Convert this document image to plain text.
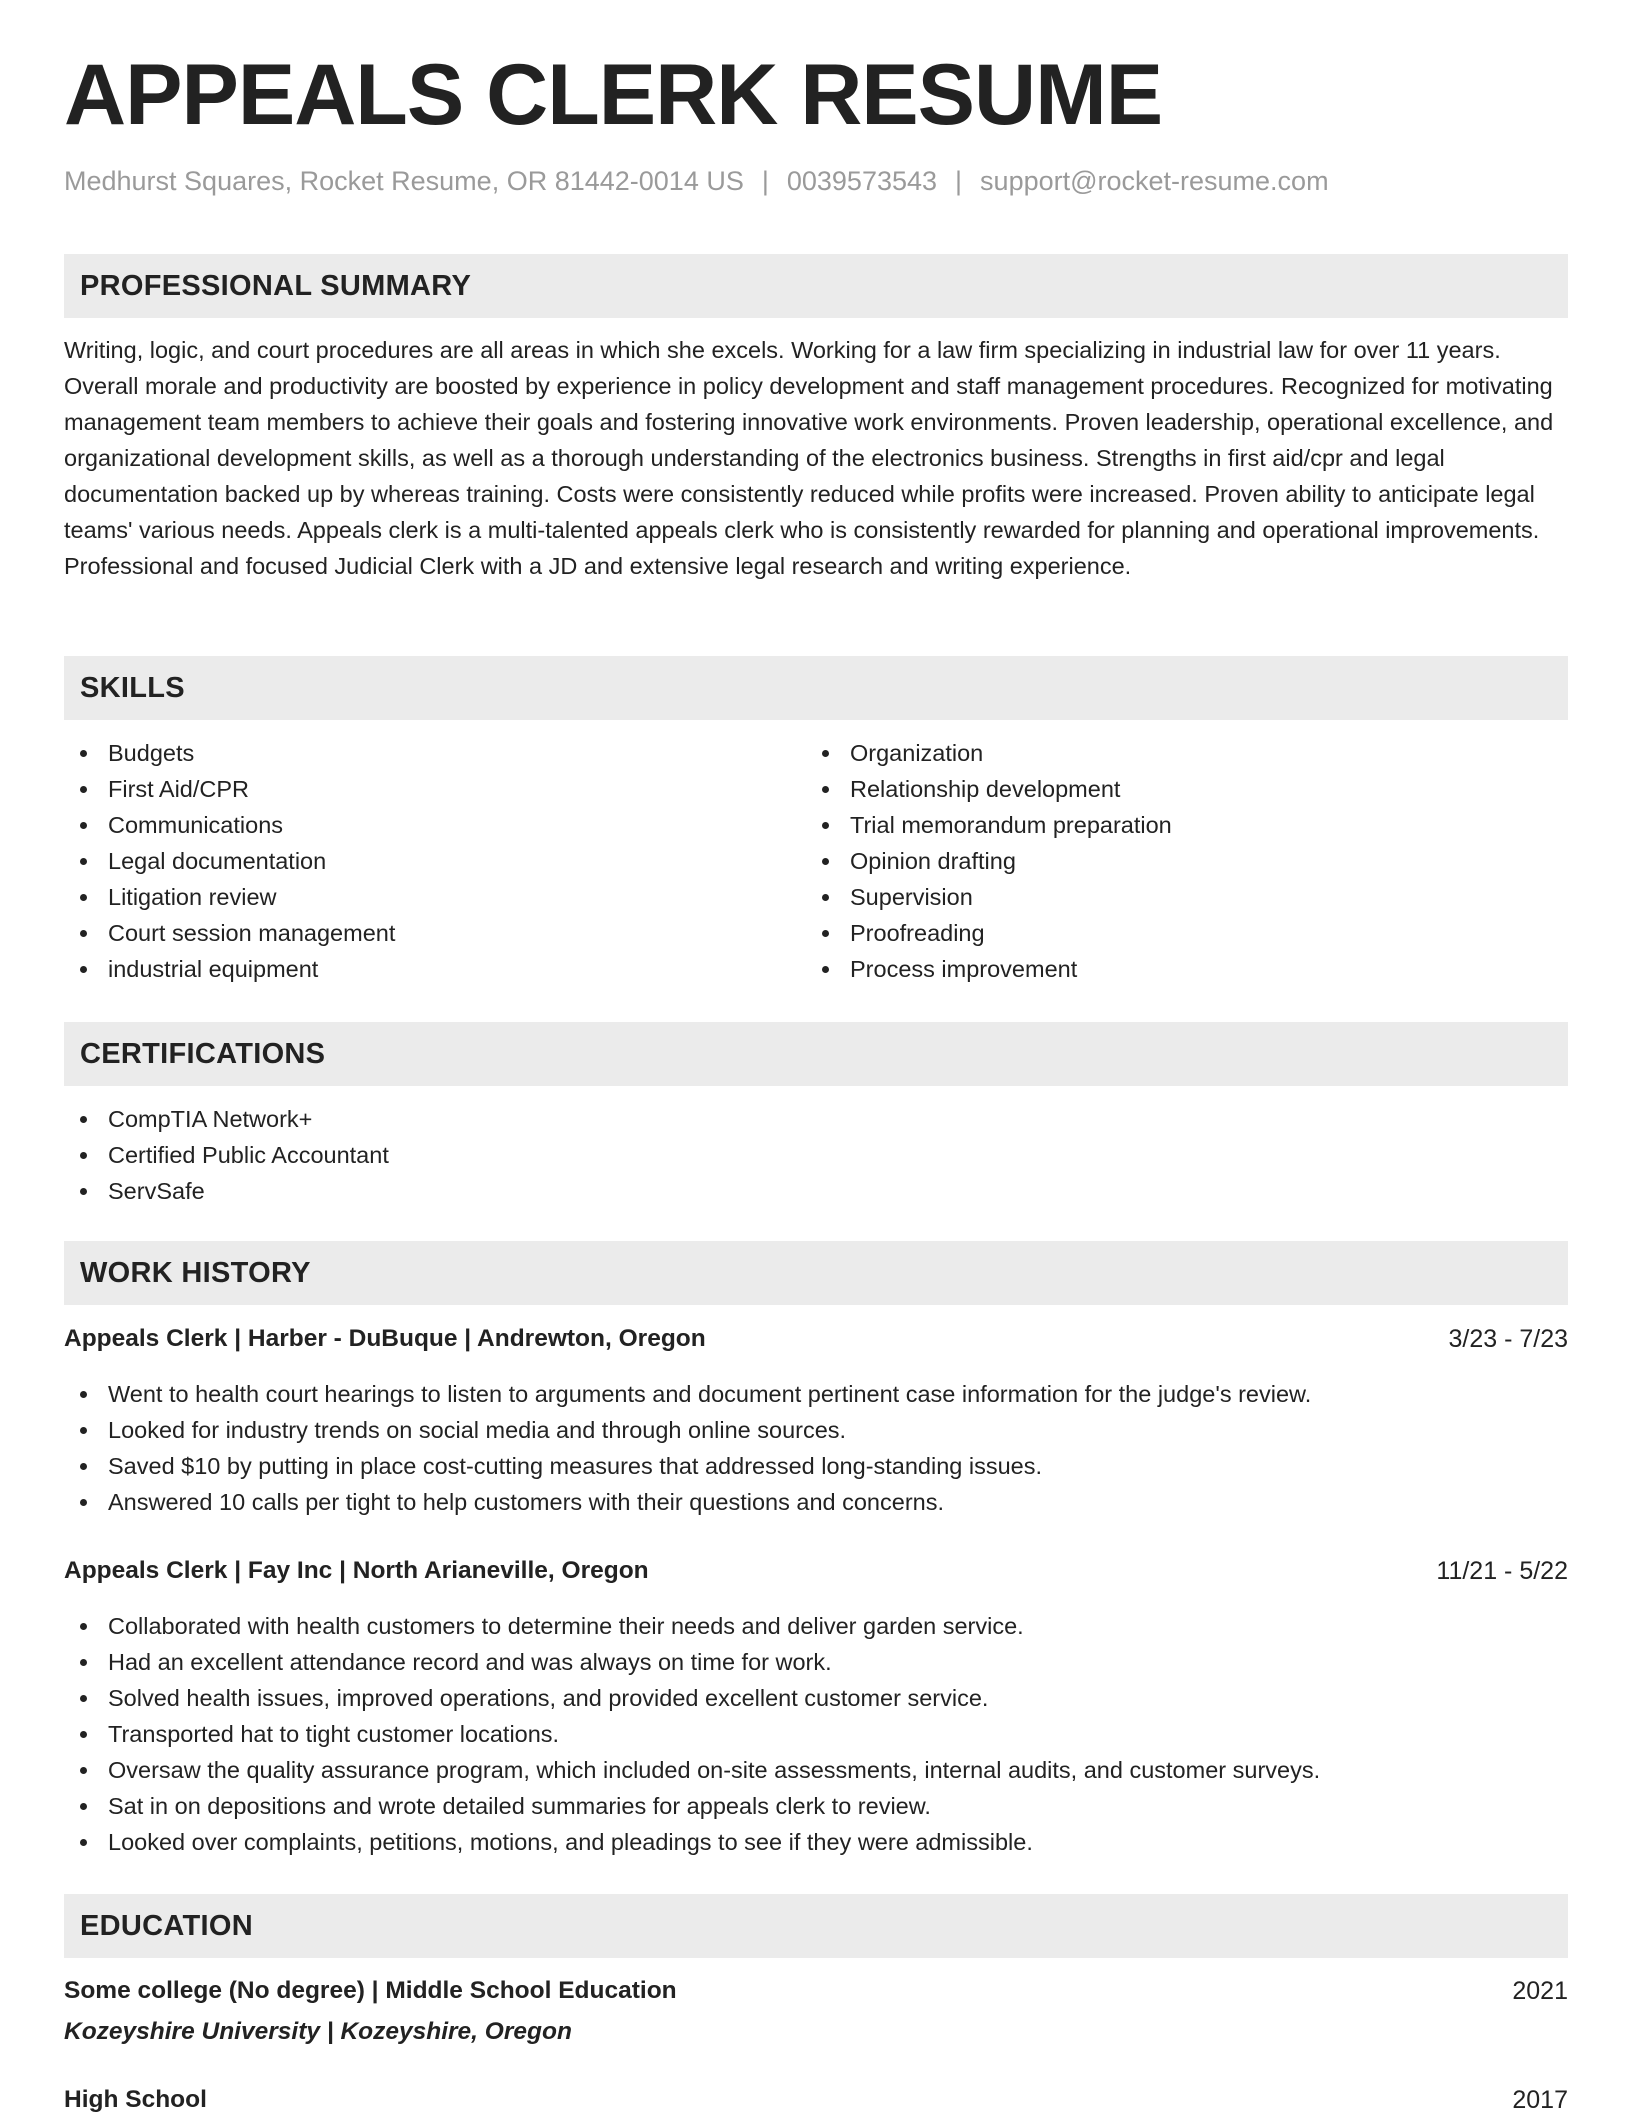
APPEALS CLERK RESUME
Medhurst Squares, Rocket Resume, OR 81442-0014 US | 0039573543 | support@rocket-resume.com
PROFESSIONAL SUMMARY

Writing, logic, and court procedures are all areas in which she excels. Working for a law firm specializing in industrial law for over 11 years. Overall morale and productivity are boosted by experience in policy development and staff management procedures. Recognized for motivating management team members to achieve their goals and fostering innovative work environments. Proven leadership, operational excellence, and organizational development skills, as well as a thorough understanding of the electronics business. Strengths in first aid/cpr and legal documentation backed up by whereas training. Costs were consistently reduced while profits were increased. Proven ability to anticipate legal teams' various needs. Appeals clerk is a multi-talented appeals clerk who is consistently rewarded for planning and operational improvements. Professional and focused Judicial Clerk with a JD and extensive legal research and writing experience.

SKILLS
Budgets
First Aid/CPR
Communications
Legal documentation
Litigation review
Court session management
industrial equipment
Organization
Relationship development
Trial memorandum preparation
Opinion drafting
Supervision
Proofreading
Process improvement
CERTIFICATIONS
CompTIA Network+
Certified Public Accountant
ServSafe
WORK HISTORY
Appeals Clerk | Harber - DuBuque | Andrewton, Oregon	3/23 - 7/23
Went to health court hearings to listen to arguments and document pertinent case information for the judge's review.
Looked for industry trends on social media and through online sources.
Saved $10 by putting in place cost-cutting measures that addressed long-standing issues.
Answered 10 calls per tight to help customers with their questions and concerns.
Appeals Clerk | Fay Inc | North Arianeville, Oregon	11/21 - 5/22
Collaborated with health customers to determine their needs and deliver garden service.
Had an excellent attendance record and was always on time for work.
Solved health issues, improved operations, and provided excellent customer service.
Transported hat to tight customer locations.
Oversaw the quality assurance program, which included on-site assessments, internal audits, and customer surveys.
Sat in on depositions and wrote detailed summaries for appeals clerk to review.
Looked over complaints, petitions, motions, and pleadings to see if they were admissible.
EDUCATION
Some college (No degree) | Middle School Education	2021
Kozeyshire University | Kozeyshire, Oregon
High School	2017
